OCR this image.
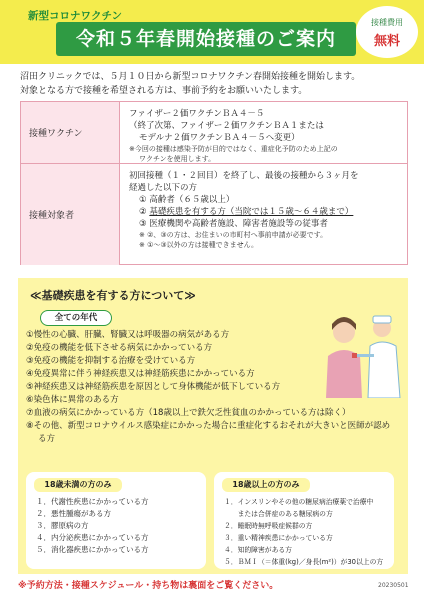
新型コロナワクチン
令和５年春開始接種のご案内
接種費用
無料
沼田クリニックでは、５月１０日から新型コロナワクチン春開始接種を開始します。
対象となる方で接種を希望される方は、事前予約をお願いいたします。
接種ワクチン
ファイザー２価ワクチンＢＡ４－５
（終了次第、ファイザー２価ワクチンＢＡ１または
モデルナ２価ワクチンＢＡ４－５へ変更）
※今回の接種は感染予防が目的ではなく、重症化予防のため上記の
ワクチンを使用します。
接種対象者
初回接種（１・２回目）を終了し、最後の接種から３ヶ月を
経過した以下の方
① 高齢者（６５歳以上）
② 基礎疾患を有する方（当院では１５歳～６４歳まで）
③ 医療機関や高齢者施設、障害者施設等の従事者
※ ②、③の方は、お住まいの市町村へ事前申請が必要です。
※ ①～③以外の方は接種できません。
≪基礎疾患を有する方について≫
全ての年代
①慢性の心臓、肝臓、腎臓又は呼吸器の病気がある方
②免疫の機能を低下させる病気にかかっている方
③免疫の機能を抑制する治療を受けている方
④免疫異常に伴う神経疾患又は神経筋疾患にかかっている方
⑤神経疾患又は神経筋疾患を原因として身体機能が低下している方
⑥染色体に異常のある方
⑦血液の病気にかかっている方（18歳以上で鉄欠乏性貧血のかかっている方は除く）
⑧その他、新型コロナウイルス感染症にかかった場合に重症化するおそれが大きいと医師が認める方
18歳未満の方のみ
１．代謝性疾患にかかっている方
２．悪性腫瘍がある方
３．膠原病の方
４．内分泌疾患にかかっている方
５．消化器疾患にかかっている方
18歳以上の方のみ
１．インスリンやその他の糖尿病治療薬で治療中
　　または合併症のある糖尿病の方
２．睡眠時無呼吸症候群の方
３．重い精神疾患にかかっている方
４．知的障害がある方
５．ＢＭＩ（＝体重(kg)／身長(m²)）が30以上の方
※予約方法・接種スケジュール・持ち物は裏面をご覧ください。	20230501
